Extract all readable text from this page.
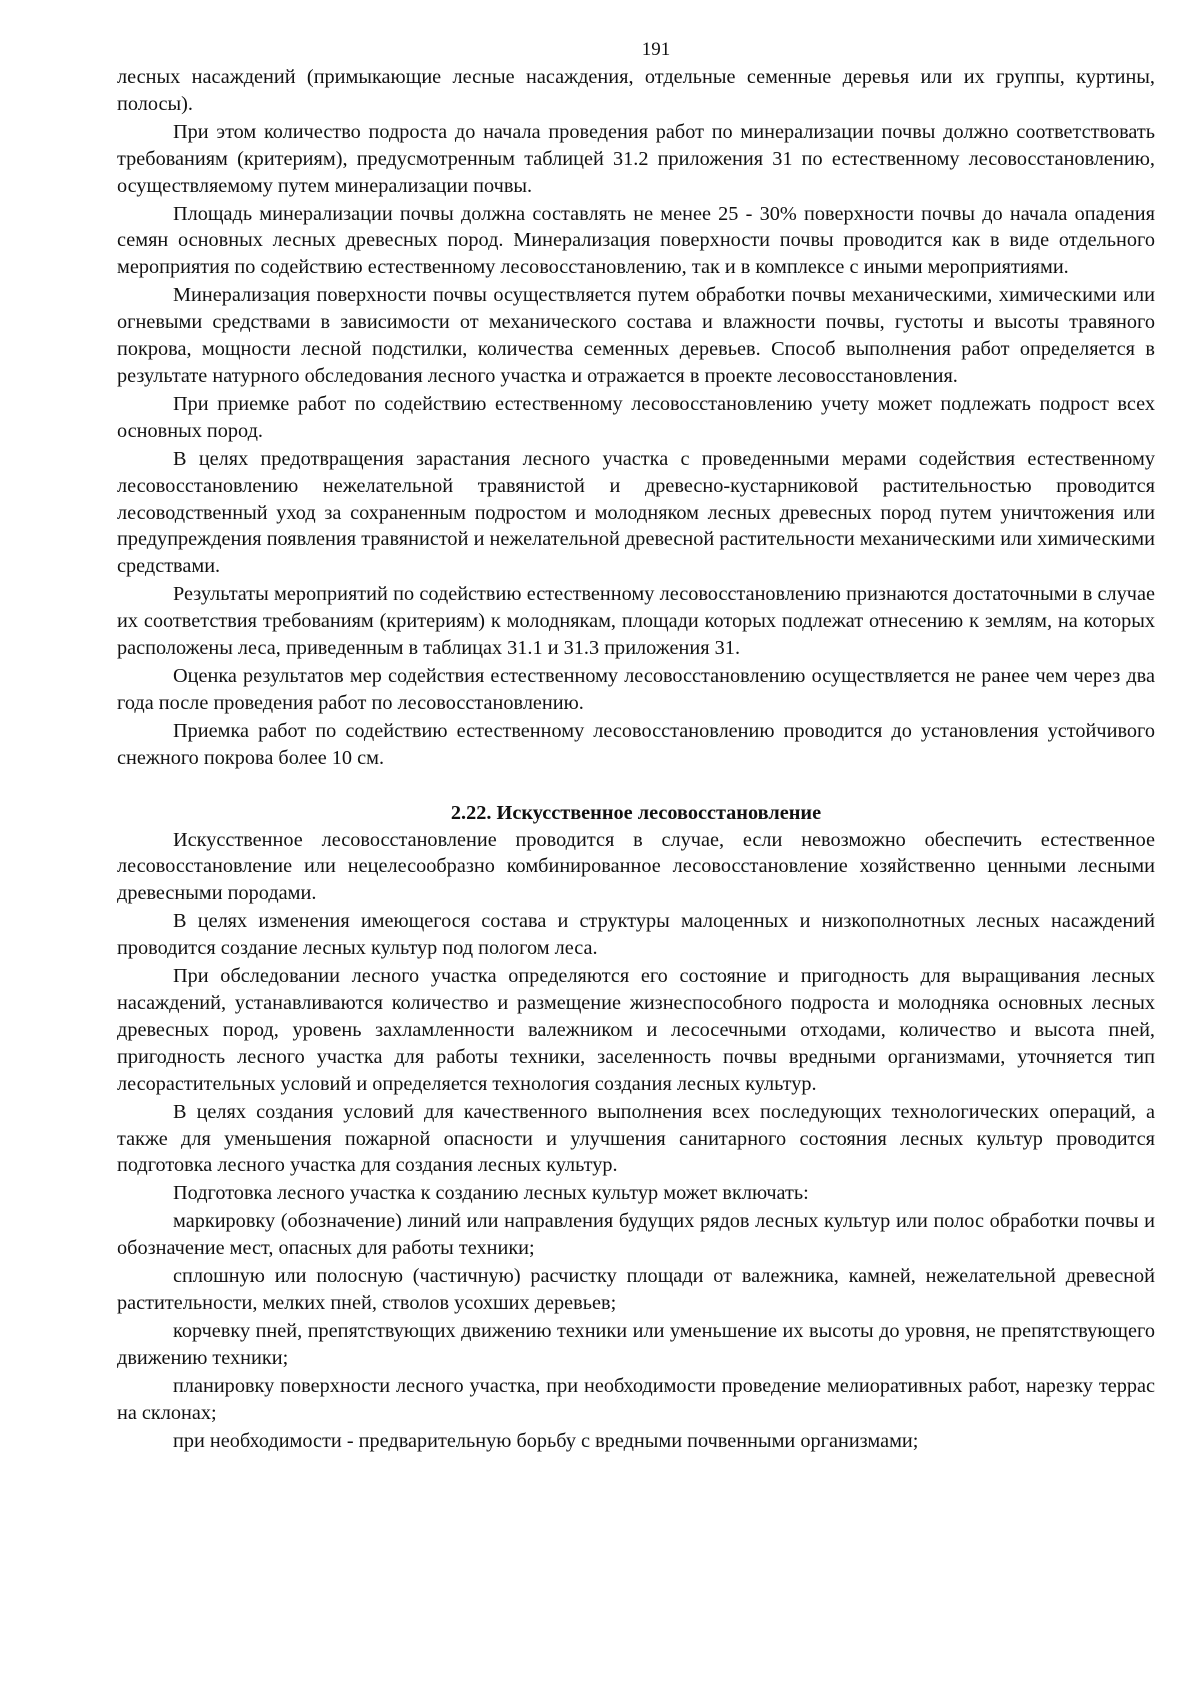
191

лесных насаждений (примыкающие лесные насаждения, отдельные семенные деревья или их группы, куртины, полосы).

При этом количество подроста до начала проведения работ по минерализации почвы должно соответствовать требованиям (критериям), предусмотренным таблицей 31.2 приложения 31 по естественному лесовосстановлению, осуществляемому путем минерализации почвы.

Площадь минерализации почвы должна составлять не менее 25 - 30% поверхности почвы до начала опадения семян основных лесных древесных пород. Минерализация поверхности почвы проводится как в виде отдельного мероприятия по содействию естественному лесовосстановлению, так и в комплексе с иными мероприятиями.

Минерализация поверхности почвы осуществляется путем обработки почвы механическими, химическими или огневыми средствами в зависимости от механического состава и влажности почвы, густоты и высоты травяного покрова, мощности лесной подстилки, количества семенных деревьев. Способ выполнения работ определяется в результате натурного обследования лесного участка и отражается в проекте лесовосстановления.

При приемке работ по содействию естественному лесовосстановлению учету может подлежать подрост всех основных пород.

В целях предотвращения зарастания лесного участка с проведенными мерами содействия естественному лесовосстановлению нежелательной травянистой и древесно-кустарниковой растительностью проводится лесоводственный уход за сохраненным подростом и молодняком лесных древесных пород путем уничтожения или предупреждения появления травянистой и нежелательной древесной растительности механическими или химическими средствами.

Результаты мероприятий по содействию естественному лесовосстановлению признаются достаточными в случае их соответствия требованиям (критериям) к молоднякам, площади которых подлежат отнесению к землям, на которых расположены леса, приведенным в таблицах 31.1 и 31.3 приложения 31.

Оценка результатов мер содействия естественному лесовосстановлению осуществляется не ранее чем через два года после проведения работ по лесовосстановлению.

Приемка работ по содействию естественному лесовосстановлению проводится до установления устойчивого снежного покрова более 10 см.

2.22. Искусственное лесовосстановление

Искусственное лесовосстановление проводится в случае, если невозможно обеспечить естественное лесовосстановление или нецелесообразно комбинированное лесовосстановление хозяйственно ценными лесными древесными породами.

В целях изменения имеющегося состава и структуры малоценных и низкополнотных лесных насаждений проводится создание лесных культур под пологом леса.

При обследовании лесного участка определяются его состояние и пригодность для выращивания лесных насаждений, устанавливаются количество и размещение жизнеспособного подроста и молодняка основных лесных древесных пород, уровень захламленности валежником и лесосечными отходами, количество и высота пней, пригодность лесного участка для работы техники, заселенность почвы вредными организмами, уточняется тип лесорастительных условий и определяется технология создания лесных культур.

В целях создания условий для качественного выполнения всех последующих технологических операций, а также для уменьшения пожарной опасности и улучшения санитарного состояния лесных культур проводится подготовка лесного участка для создания лесных культур.

Подготовка лесного участка к созданию лесных культур может включать:

маркировку (обозначение) линий или направления будущих рядов лесных культур или полос обработки почвы и обозначение мест, опасных для работы техники;

сплошную или полосную (частичную) расчистку площади от валежника, камней, нежелательной древесной растительности, мелких пней, стволов усохших деревьев;

корчевку пней, препятствующих движению техники или уменьшение их высоты до уровня, не препятствующего движению техники;

планировку поверхности лесного участка, при необходимости проведение мелиоративных работ, нарезку террас на склонах;

при необходимости - предварительную борьбу с вредными почвенными организмами;
